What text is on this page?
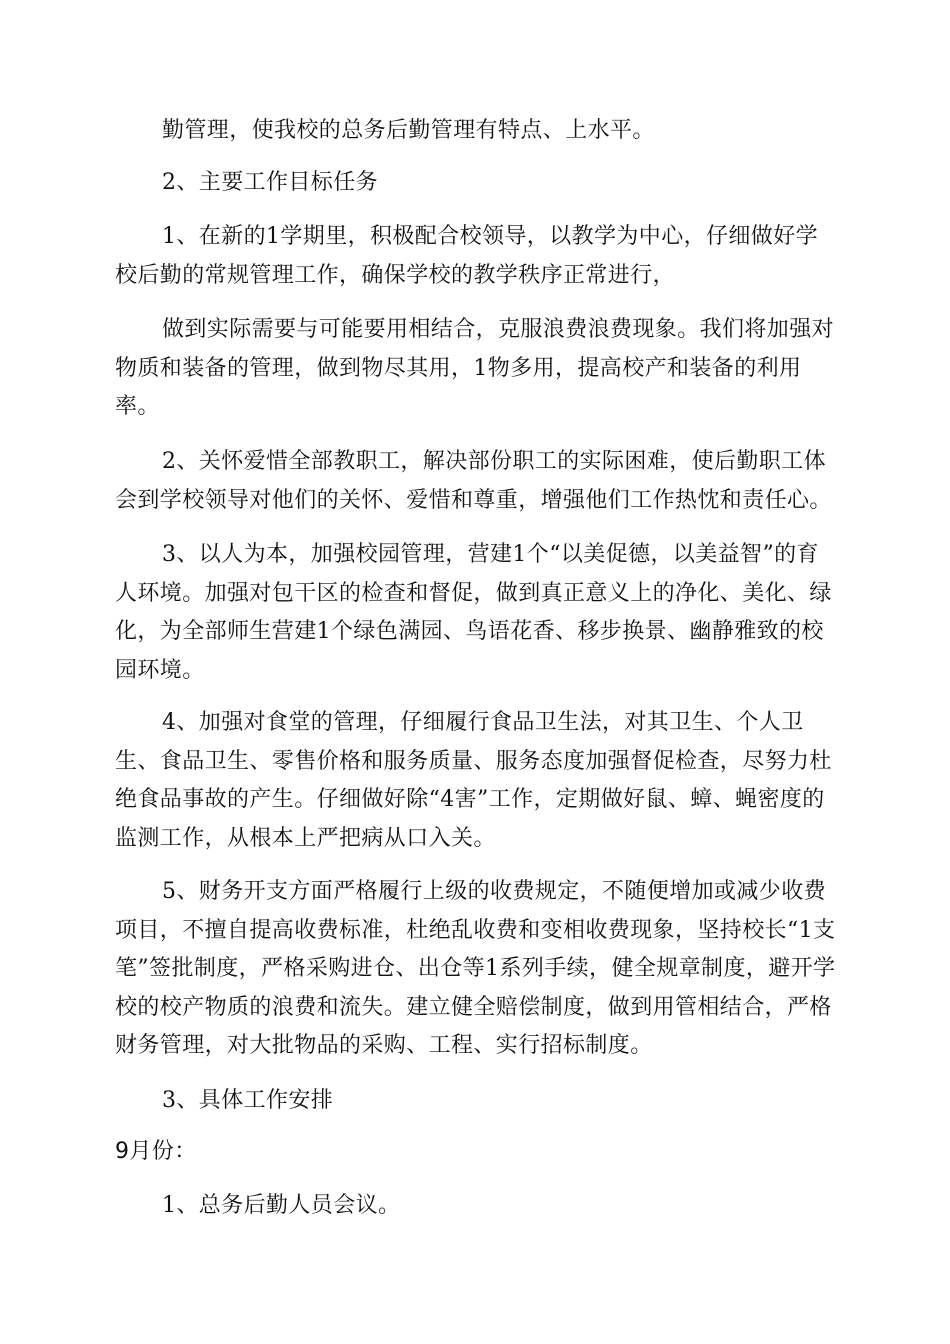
勤管理，使我校的总务后勤管理有特点、上水平。

2、主要工作目标任务

1、在新的1学期里，积极配合校领导，以教学为中心，仔细做好学校后勤的常规管理工作，确保学校的教学秩序正常进行，

做到实际需要与可能要用相结合，克服浪费浪费现象。我们将加强对物质和装备的管理，做到物尽其用，1物多用，提高校产和装备的利用率。

2、关怀爱惜全部教职工，解决部份职工的实际困难，使后勤职工体会到学校领导对他们的关怀、爱惜和尊重，增强他们工作热忱和责任心。

3、以人为本，加强校园管理，营建1个“以美促德，以美益智”的育人环境。加强对包干区的检查和督促，做到真正意义上的净化、美化、绿化，为全部师生营建1个绿色满园、鸟语花香、移步换景、幽静雅致的校园环境。

4、加强对食堂的管理，仔细履行食品卫生法，对其卫生、个人卫生、食品卫生、零售价格和服务质量、服务态度加强督促检查，尽努力杜绝食品事故的产生。仔细做好除“4害”工作，定期做好鼠、蟑、蝇密度的监测工作，从根本上严把病从口入关。

5、财务开支方面严格履行上级的收费规定，不随便增加或减少收费项目，不擅自提高收费标准，杜绝乱收费和变相收费现象，坚持校长“1支笔”签批制度，严格采购进仓、出仓等1系列手续，健全规章制度，避开学校的校产物质的浪费和流失。建立健全赔偿制度，做到用管相结合，严格财务管理，对大批物品的采购、工程、实行招标制度。

3、具体工作安排

9月份：

1、总务后勤人员会议。
